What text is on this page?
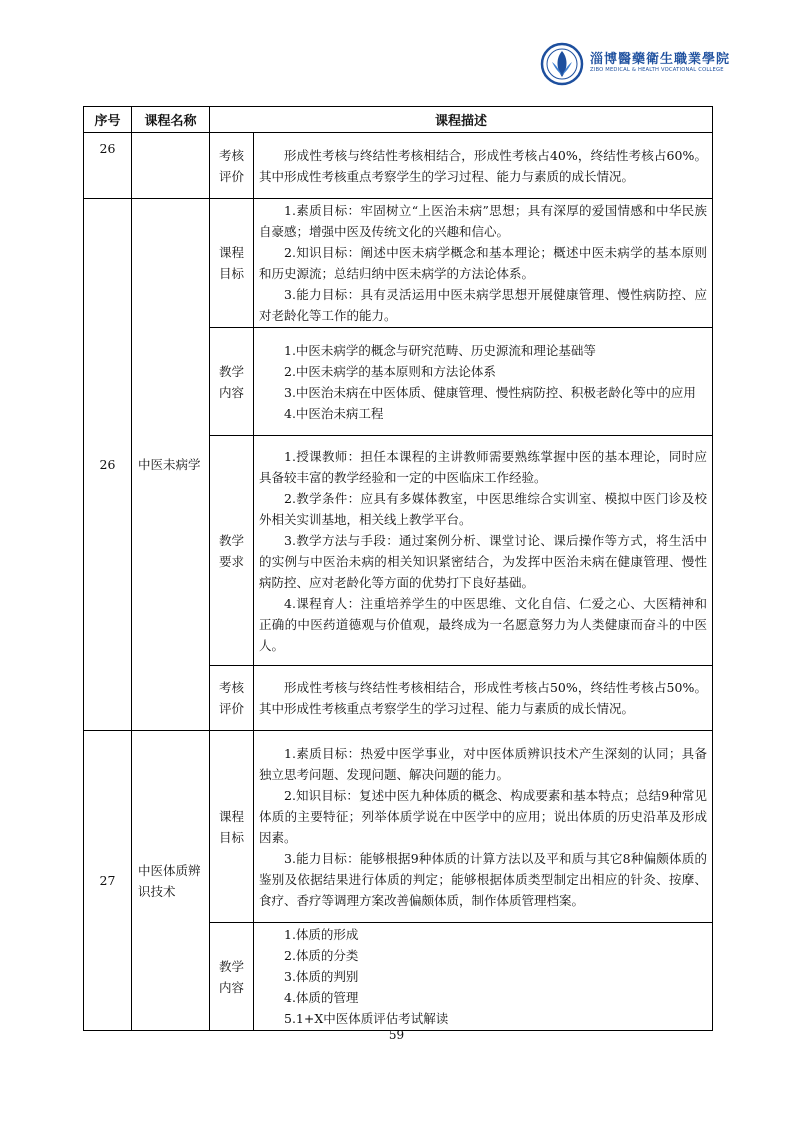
淄博醫藥衛生職業學院
ZIBO MEDICAL & HEALTH VOCATIONAL COLLEGE
序号	课程名称	课程描述	
26		考核评价	形成性考核与终结性考核相结合，形成性考核占40%，终结性考核占60%。其中形成性考核重点考察学生的学习过程、能力与素质的成长情况。

26	中医未病学	课程目标	1.素质目标：牢固树立“上医治未病”思想；具有深厚的爱国情感和中华民族自豪感；增强中医及传统文化的兴趣和信心。

2.知识目标：阐述中医未病学概念和基本理论；概述中医未病学的基本原则和历史源流；总结归纳中医未病学的方法论体系。

3.能力目标：具有灵活运用中医未病学思想开展健康管理、慢性病防控、应对老龄化等工作的能力。

		教学内容	1.中医未病学的概念与研究范畴、历史源流和理论基础等

2.中医未病学的基本原则和方法论体系

3.中医治未病在中医体质、健康管理、慢性病防控、积极老龄化等中的应用

4.中医治未病工程

		教学要求	1.授课教师：担任本课程的主讲教师需要熟练掌握中医的基本理论，同时应具备较丰富的教学经验和一定的中医临床工作经验。

2.教学条件：应具有多媒体教室，中医思维综合实训室、模拟中医门诊及校外相关实训基地，相关线上教学平台。

3.教学方法与手段：通过案例分析、课堂讨论、课后操作等方式，将生活中的实例与中医治未病的相关知识紧密结合，为发挥中医治未病在健康管理、慢性病防控、应对老龄化等方面的优势打下良好基础。

4.课程育人：注重培养学生的中医思维、文化自信、仁爱之心、大医精神和正确的中医药道德观与价值观，最终成为一名愿意努力为人类健康而奋斗的中医人。

		考核评价	形成性考核与终结性考核相结合，形成性考核占50%，终结性考核占50%。其中形成性考核重点考察学生的学习过程、能力与素质的成长情况。

27	中医体质辨识技术	课程目标	1.素质目标：热爱中医学事业，对中医体质辨识技术产生深刻的认同；具备独立思考问题、发现问题、解决问题的能力。

2.知识目标：复述中医九种体质的概念、构成要素和基本特点；总结9种常见体质的主要特征；列举体质学说在中医学中的应用；说出体质的历史沿革及形成因素。

3.能力目标：能够根据9种体质的计算方法以及平和质与其它8种偏颇体质的鉴别及依据结果进行体质的判定；能够根据体质类型制定出相应的针灸、按摩、食疗、香疗等调理方案改善偏颇体质，制作体质管理档案。

		教学内容	1.体质的形成

2.体质的分类

3.体质的判别

4.体质的管理

5.1+X中医体质评估考试解读

59
